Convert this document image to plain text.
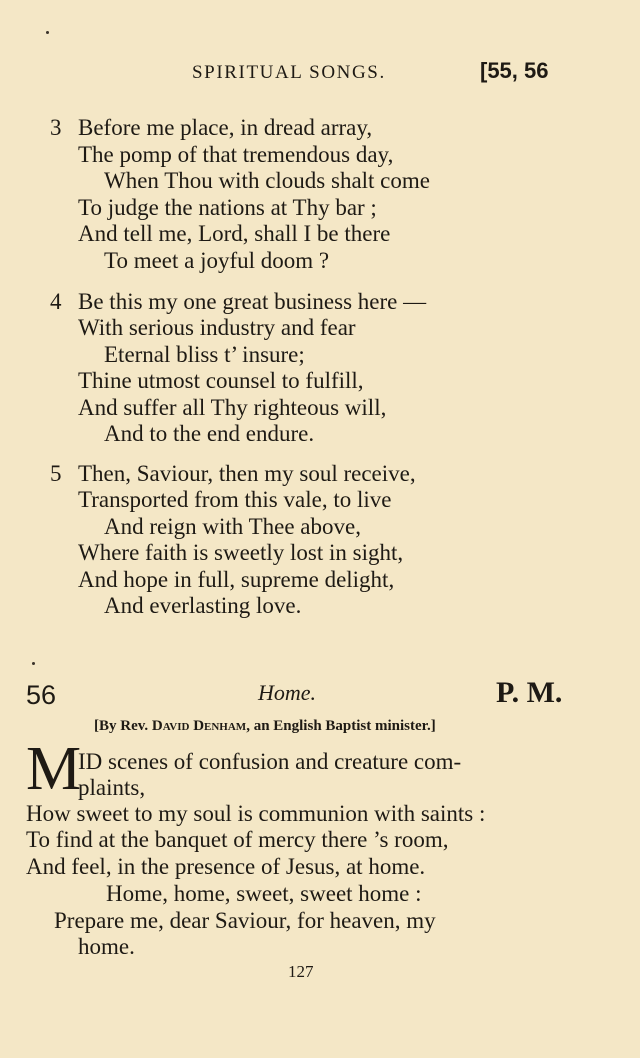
SPIRITUAL SONGS.	[55, 56
3 Before me place, in dread array,
The pomp of that tremendous day,
When Thou with clouds shalt come
To judge the nations at Thy bar ;
And tell me, Lord, shall I be there
To meet a joyful doom ?
4 Be this my one great business here —
With serious industry and fear
Eternal bliss t’ insure;
Thine utmost counsel to fulfill,
And suffer all Thy righteous will,
And to the end endure.
5 Then, Saviour, then my soul receive,
Transported from this vale, to live
And reign with Thee above,
Where faith is sweetly lost in sight,
And hope in full, supreme delight,
And everlasting love.
56	Home.	P. M.
[By Rev. David Denham, an English Baptist minister.]
M
ID scenes of confusion and creature com-
plaints,
How sweet to my soul is communion with saints :
To find at the banquet of mercy there ’s room,
And feel, in the presence of Jesus, at home.
Home, home, sweet, sweet home :
Prepare me, dear Saviour, for heaven, my
home.
127
